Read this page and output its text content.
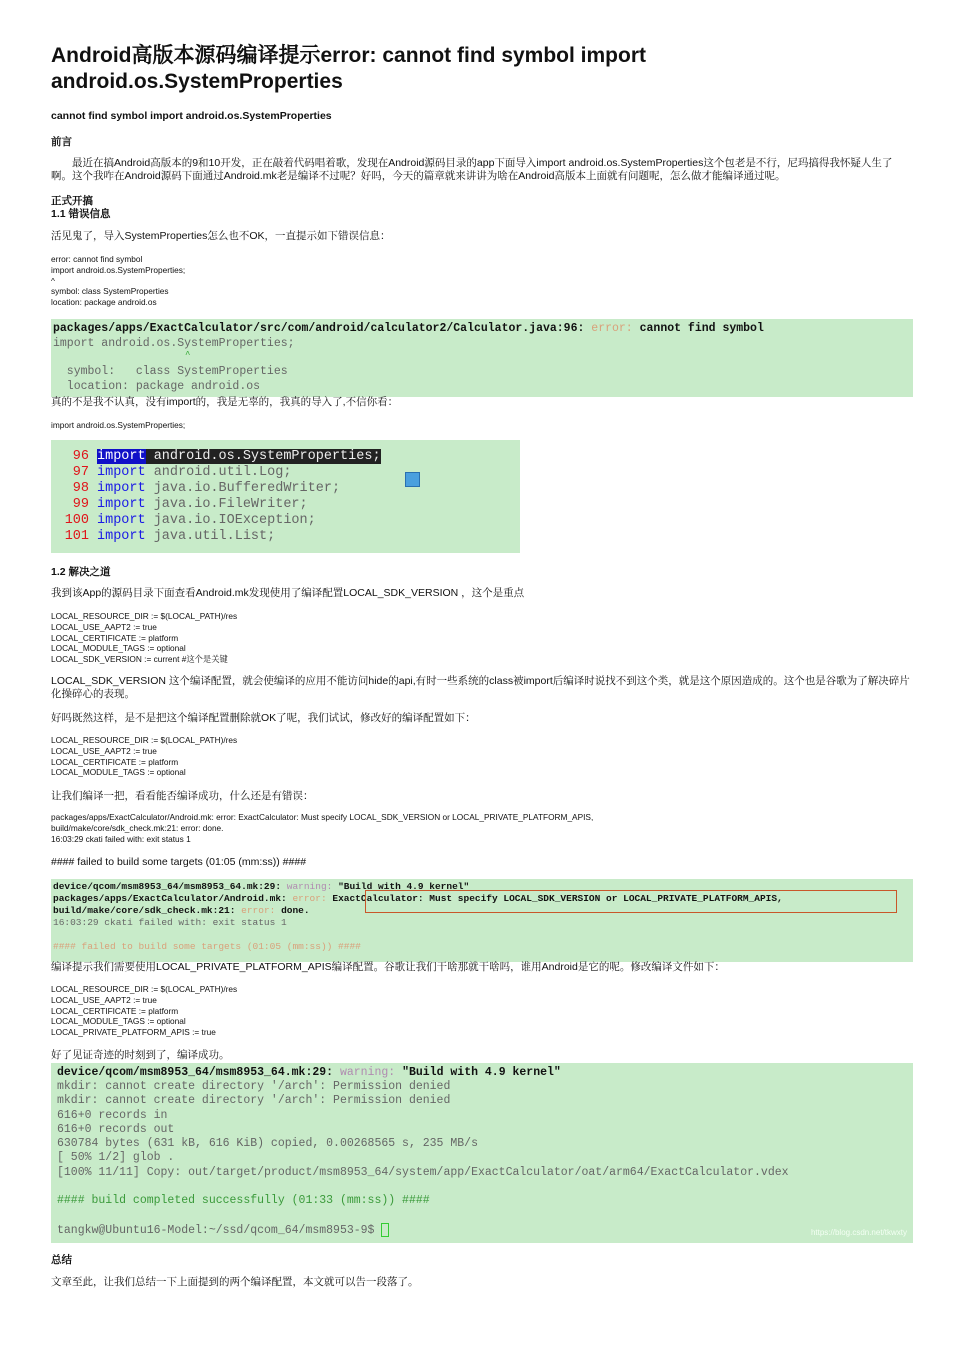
Android高版本源码编译提示error: cannot find symbol import android.os.SystemProperties
cannot find symbol import android.os.SystemProperties
前言
最近在搞Android高版本的9和10开发，正在敲着代码唱着歌，发现在Android源码目录的app下面导入import android.os.SystemProperties这个包老是不行，尼玛搞得我怀疑人生了啊。这个我咋在Android源码下面通过Android.mk老是编译不过呢？好吗，今天的篇章就来讲讲为啥在Android高版本上面就有问题呢，怎么做才能编译通过呢。
正式开搞
1.1 错误信息
活见鬼了，导入SystemProperties怎么也不OK，一直提示如下错误信息：
error: cannot find symbol
import android.os.SystemProperties;
^
symbol: class SystemProperties
location: package android.os
packages/apps/ExactCalculator/src/com/android/calculator2/Calculator.java:96: error: cannot find symbol
import android.os.SystemProperties;
^
symbol:   class SystemProperties
location: package android.os
真的不是我不认真，没有import的，我是无辜的，我真的导入了,不信你看：
import android.os.SystemProperties;
96 import android.os.SystemProperties;
97 import android.util.Log;
98 import java.io.BufferedWriter;
99 import java.io.FileWriter;
100 import java.io.IOException;
101 import java.util.List;
1.2 解决之道
我到该App的源码目录下面查看Android.mk发现使用了编译配置LOCAL_SDK_VERSION ，这个是重点
LOCAL_RESOURCE_DIR := $(LOCAL_PATH)/res
LOCAL_USE_AAPT2 := true
LOCAL_CERTIFICATE := platform
LOCAL_MODULE_TAGS := optional
LOCAL_SDK_VERSION := current #这个是关键
LOCAL_SDK_VERSION 这个编译配置，就会使编译的应用不能访问hide的api,有时一些系统的class被import后编译时说找不到这个类，就是这个原因造成的。这个也是谷歌为了解决碎片化操碎心的表现。
好吗既然这样，是不是把这个编译配置删除就OK了呢，我们试试，修改好的编译配置如下：
LOCAL_RESOURCE_DIR := $(LOCAL_PATH)/res
LOCAL_USE_AAPT2 := true
LOCAL_CERTIFICATE := platform
LOCAL_MODULE_TAGS := optional
让我们编译一把，看看能否编译成功，什么还是有错误：
packages/apps/ExactCalculator/Android.mk: error: ExactCalculator: Must specify LOCAL_SDK_VERSION or LOCAL_PRIVATE_PLATFORM_APIS,
build/make/core/sdk_check.mk:21: error: done.
16:03:29 ckati failed with: exit status 1
#### failed to build some targets (01:05 (mm:ss)) ####
device/qcom/msm8953_64/msm8953_64.mk:29: warning: "Build with 4.9 kernel"
packages/apps/ExactCalculator/Android.mk: error: ExactCalculator: Must specify LOCAL_SDK_VERSION or LOCAL_PRIVATE_PLATFORM_APIS,
build/make/core/sdk_check.mk:21: error: done.
16:03:29 ckati failed with: exit status 1
#### failed to build some targets (01:05 (mm:ss)) ####
编译提示我们需要使用LOCAL_PRIVATE_PLATFORM_APIS编译配置。谷歌让我们干啥那就干啥吗，谁用Android是它的呢。修改编译文件如下：
LOCAL_RESOURCE_DIR := $(LOCAL_PATH)/res
LOCAL_USE_AAPT2 := true
LOCAL_CERTIFICATE := platform
LOCAL_MODULE_TAGS := optional
LOCAL_PRIVATE_PLATFORM_APIS := true
好了见证奇迹的时刻到了，编译成功。
device/qcom/msm8953_64/msm8953_64.mk:29: warning: "Build with 4.9 kernel"
mkdir: cannot create directory '/arch': Permission denied
mkdir: cannot create directory '/arch': Permission denied
616+0 records in
616+0 records out
630784 bytes (631 kB, 616 KiB) copied, 0.00268565 s, 235 MB/s
[ 50% 1/2] glob .
[100% 11/11] Copy: out/target/product/msm8953_64/system/app/ExactCalculator/oat/arm64/ExactCalculator.vdex
#### build completed successfully (01:33 (mm:ss)) ####
tangkw@Ubuntu16-Model:~/ssd/qcom_64/msm8953-9$	https://blog.csdn.net/tkwxty
总结
文章至此，让我们总结一下上面提到的两个编译配置，本文就可以告一段落了。
